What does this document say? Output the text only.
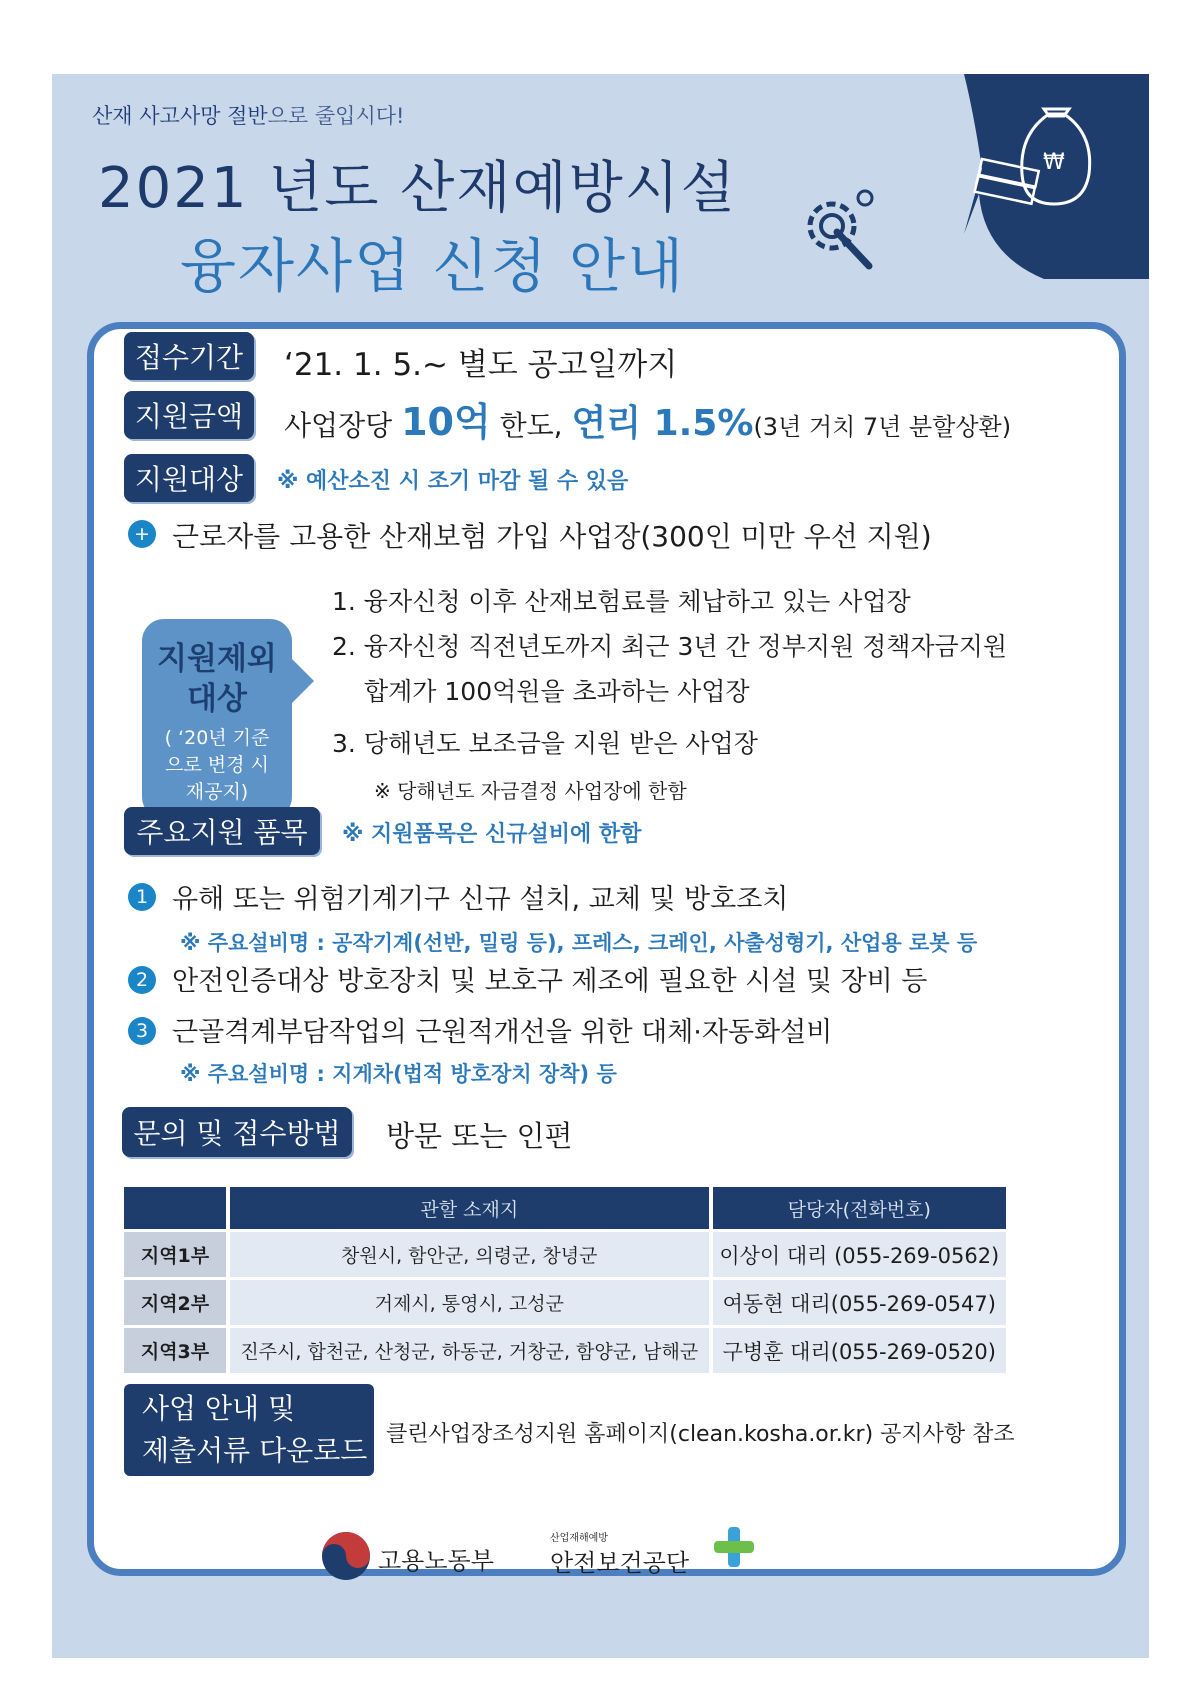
산재 사고사망 절반으로 줄입시다!
2021 년도 산재예방시설
융자사업 신청 안내
₩
접수기간	‘21. 1. 5.~ 별도 공고일까지
지원금액	사업장당 10억 한도, 연리 1.5%(3년 거치 7년 분할상환)
지원대상	※ 예산소진 시 조기 마감 될 수 있음
+ 근로자를 고용한 산재보험 가입 사업장(300인 미만 우선 지원)
지원제외
대상
( ‘20년 기준
으로 변경 시
재공지)
1. 융자신청 이후 산재보험료를 체납하고 있는 사업장
2. 융자신청 직전년도까지 최근 3년 간 정부지원 정책자금지원
합계가 100억원을 초과하는 사업장
3. 당해년도 보조금을 지원 받은 사업장
※ 당해년도 자금결정 사업장에 한함
주요지원 품목	※ 지원품목은 신규설비에 한함
1 유해 또는 위험기계기구 신규 설치, 교체 및 방호조치
※ 주요설비명 : 공작기계(선반, 밀링 등), 프레스, 크레인, 사출성형기, 산업용 로봇 등
2 안전인증대상 방호장치 및 보호구 제조에 필요한 시설 및 장비 등
3 근골격계부담작업의 근원적개선을 위한 대체·자동화설비
※ 주요설비명 : 지게차(법적 방호장치 장착) 등
문의 및 접수방법	방문 또는 인편
	관할 소재지	담당자(전화번호)
지역1부	창원시, 함안군, 의령군, 창녕군	이상이 대리 (055-269-0562)
지역2부	거제시, 통영시, 고성군	여동현 대리(055-269-0547)
지역3부	진주시, 합천군, 산청군, 하동군, 거창군, 함양군, 남해군	구병훈 대리(055-269-0520)
사업 안내 및
제출서류 다운로드 클린사업장조성지원 홈페이지(clean.kosha.or.kr) 공지사항 참조
고용노동부
산업재해예방
안전보건공단
